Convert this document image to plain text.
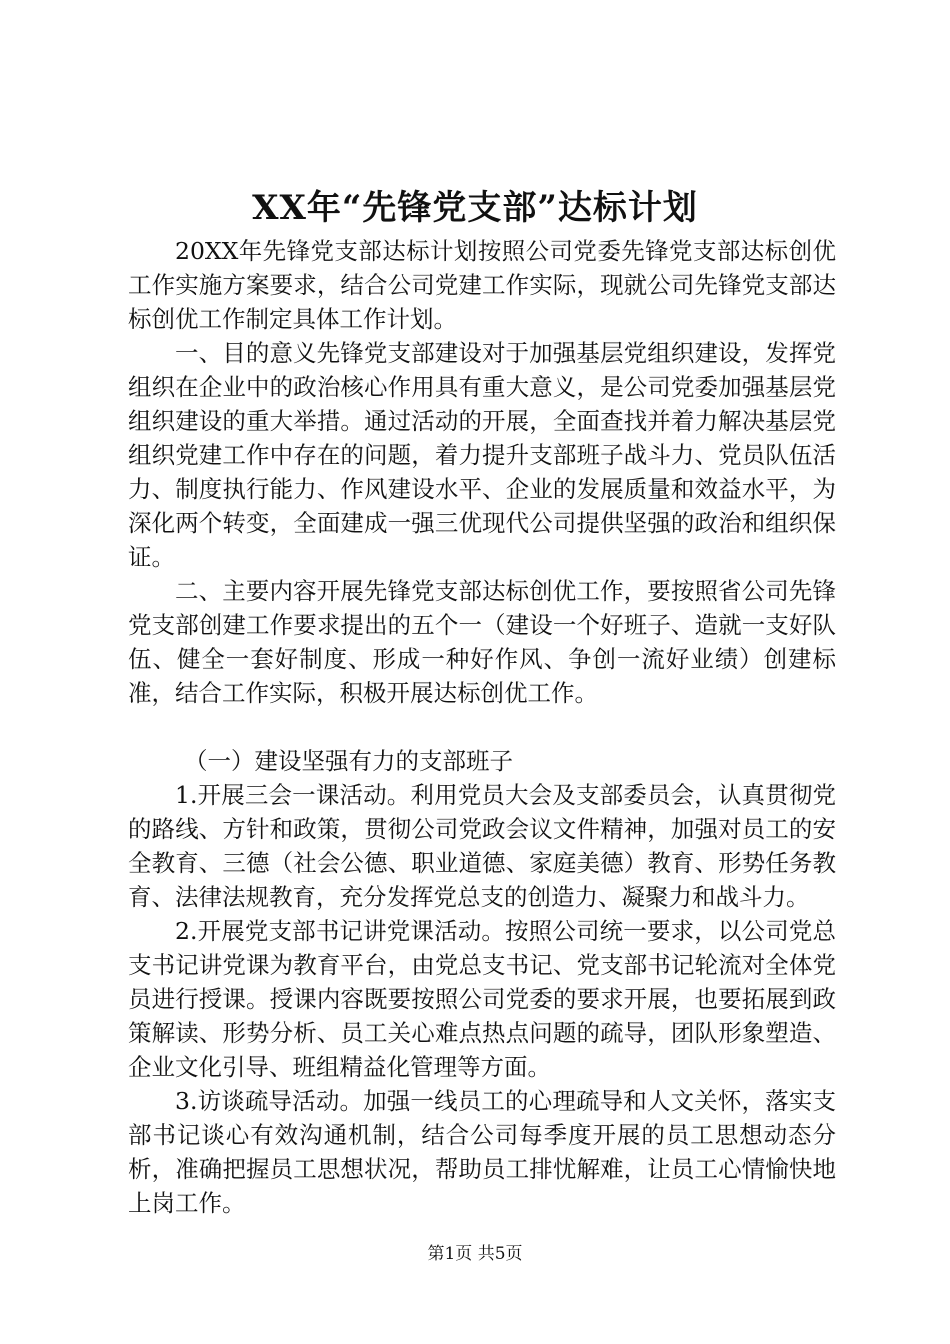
XX年“先锋党支部”达标计划

20XX年先锋党支部达标计划按照公司党委先锋党支部达标创优工作实施方案要求，结合公司党建工作实际，现就公司先锋党支部达标创优工作制定具体工作计划。

一、目的意义先锋党支部建设对于加强基层党组织建设，发挥党组织在企业中的政治核心作用具有重大意义，是公司党委加强基层党组织建设的重大举措。通过活动的开展，全面查找并着力解决基层党组织党建工作中存在的问题，着力提升支部班子战斗力、党员队伍活力、制度执行能力、作风建设水平、企业的发展质量和效益水平，为深化两个转变，全面建成一强三优现代公司提供坚强的政治和组织保证。

二、主要内容开展先锋党支部达标创优工作，要按照省公司先锋党支部创建工作要求提出的五个一（建设一个好班子、造就一支好队伍、健全一套好制度、形成一种好作风、争创一流好业绩）创建标准，结合工作实际，积极开展达标创优工作。

（一）建设坚强有力的支部班子

1.开展三会一课活动。利用党员大会及支部委员会，认真贯彻党的路线、方针和政策，贯彻公司党政会议文件精神，加强对员工的安全教育、三德（社会公德、职业道德、家庭美德）教育、形势任务教育、法律法规教育，充分发挥党总支的创造力、凝聚力和战斗力。

2.开展党支部书记讲党课活动。按照公司统一要求，以公司党总支书记讲党课为教育平台，由党总支书记、党支部书记轮流对全体党员进行授课。授课内容既要按照公司党委的要求开展，也要拓展到政策解读、形势分析、员工关心难点热点问题的疏导，团队形象塑造、企业文化引导、班组精益化管理等方面。

3.访谈疏导活动。加强一线员工的心理疏导和人文关怀，落实支部书记谈心有效沟通机制，结合公司每季度开展的员工思想动态分析，准确把握员工思想状况，帮助员工排忧解难，让员工心情愉快地上岗工作。

第1页 共5页
